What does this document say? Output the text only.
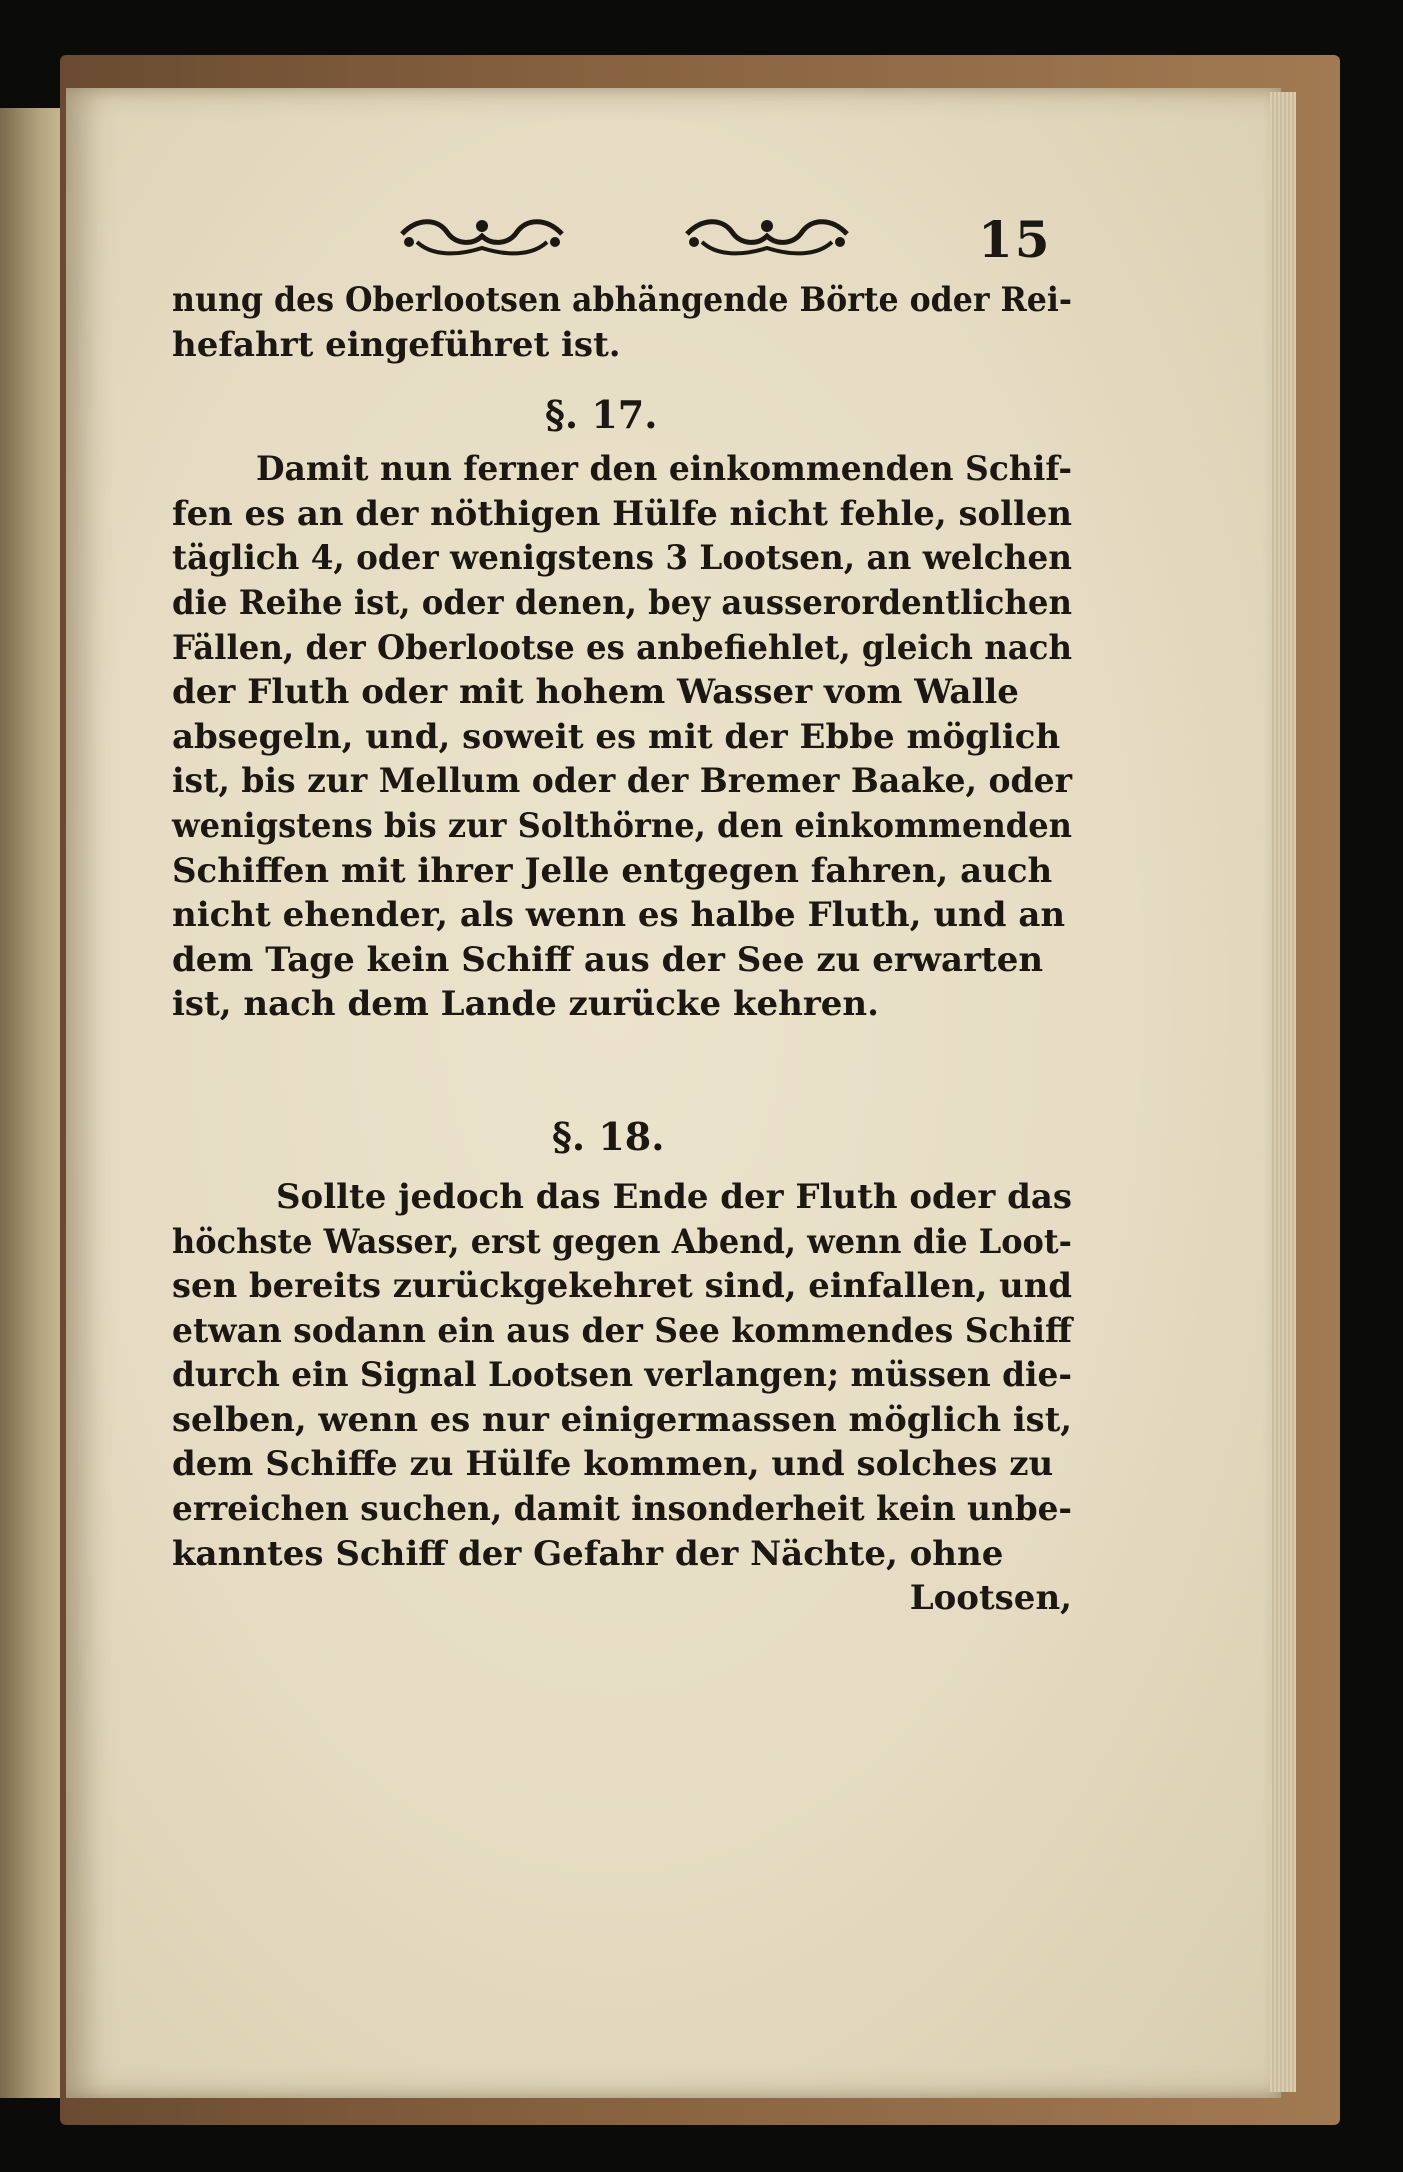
15
nung des Oberlootsen abhängende Börte oder Rei-
hefahrt eingeführet ist.
§. 17.
Damit nun ferner den einkommenden Schif-
fen es an der nöthigen Hülfe nicht fehle, sollen
täglich 4, oder wenigstens 3 Lootsen, an welchen
die Reihe ist, oder denen, bey ausserordentlichen
Fällen, der Oberlootse es anbefiehlet, gleich nach
der Fluth oder mit hohem Wasser vom Walle
absegeln, und, soweit es mit der Ebbe möglich
ist, bis zur Mellum oder der Bremer Baake, oder
wenigstens bis zur Solthörne, den einkommenden
Schiffen mit ihrer Jelle entgegen fahren, auch
nicht ehender, als wenn es halbe Fluth, und an
dem Tage kein Schiff aus der See zu erwarten
ist, nach dem Lande zurücke kehren.
§. 18.
Sollte jedoch das Ende der Fluth oder das
höchste Wasser, erst gegen Abend, wenn die Loot-
sen bereits zurückgekehret sind, einfallen, und
etwan sodann ein aus der See kommendes Schiff
durch ein Signal Lootsen verlangen; müssen die-
selben, wenn es nur einigermassen möglich ist,
dem Schiffe zu Hülfe kommen, und solches zu
erreichen suchen, damit insonderheit kein unbe-
kanntes Schiff der Gefahr der Nächte, ohne
Lootsen,
